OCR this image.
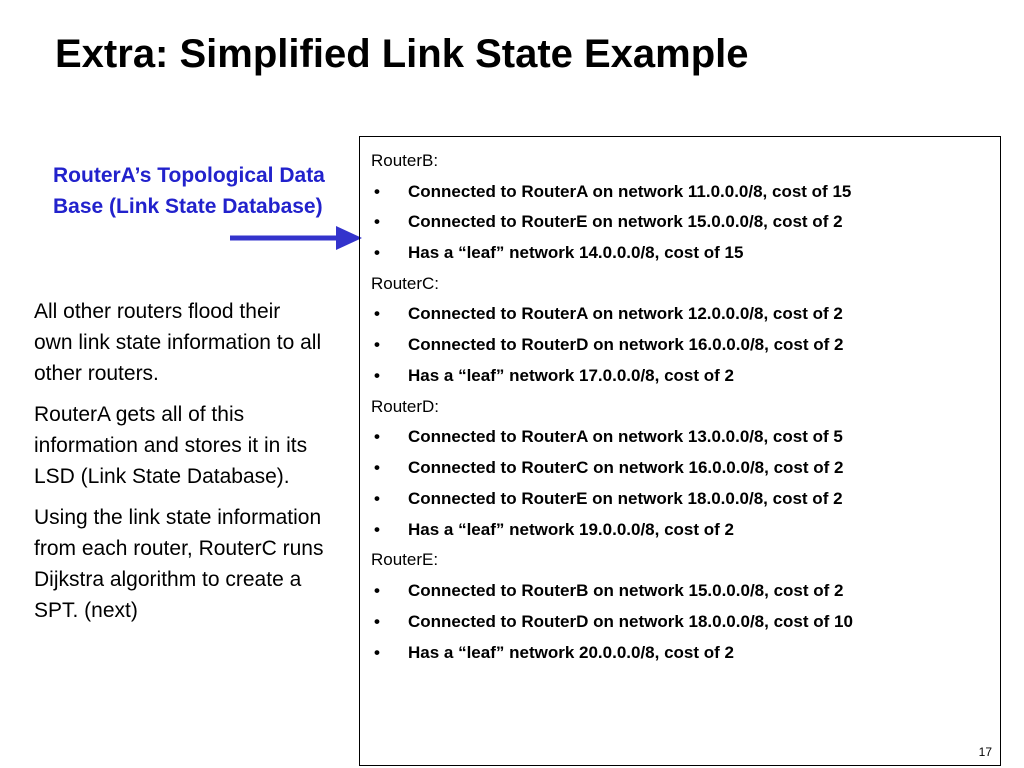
Extra: Simplified Link State Example
RouterA’s Topological Data Base (Link State Database)

All other routers flood their own link state information to all other routers.

RouterA gets all of this information and stores it in its LSD (Link State Database).

Using the link state information from each router, RouterC runs Dijkstra algorithm to create a SPT. (next)

RouterB:
• Connected to RouterA on network 11.0.0.0/8, cost of 15
• Connected to RouterE on network 15.0.0.0/8, cost of 2
• Has a “leaf” network 14.0.0.0/8, cost of 15
RouterC:
• Connected to RouterA on network 12.0.0.0/8, cost of 2
• Connected to RouterD on network 16.0.0.0/8, cost of 2
• Has a “leaf” network 17.0.0.0/8, cost of 2
RouterD:
• Connected to RouterA on network 13.0.0.0/8, cost of 5
• Connected to RouterC on network 16.0.0.0/8, cost of 2
• Connected to RouterE on network 18.0.0.0/8, cost of 2
• Has a “leaf” network 19.0.0.0/8, cost of 2
RouterE:
• Connected to RouterB on network 15.0.0.0/8, cost of 2
• Connected to RouterD on network 18.0.0.0/8, cost of 10
• Has a “leaf” network 20.0.0.0/8, cost of 2
17
